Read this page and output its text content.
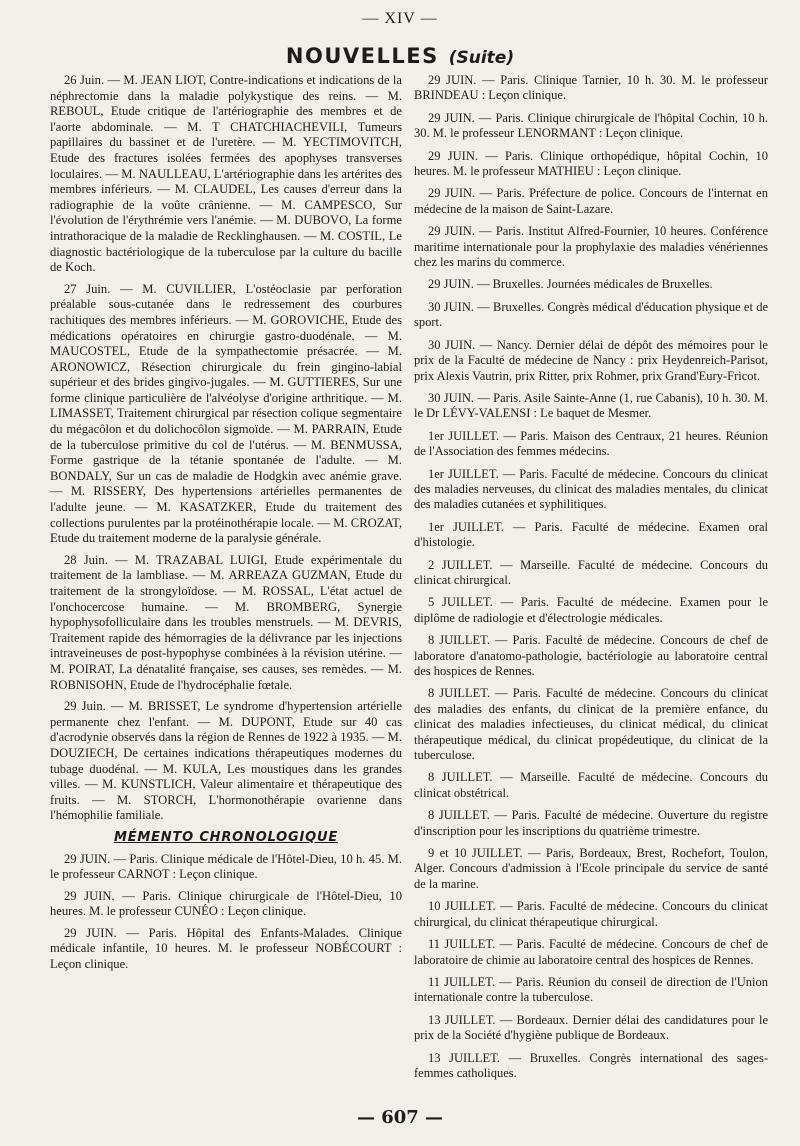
— XIV —
NOUVELLES (Suite)

26 Juin. — M. JEAN LIOT, Contre-indications et indications de la néphrectomie dans la maladie polykystique des reins. — M. REBOUL, Etude critique de l'artériographie des membres et de l'aorte abdominale. — M. T CHATCHIACHEVILI, Tumeurs papillaires du bassinet et de l'uretère. — M. YECTIMOVITCH, Etude des fractures isolées fermées des apophyses transverses loculaires. — M. NAULLEAU, L'artériographie dans les artérites des membres inférieurs. — M. CLAUDEL, Les causes d'erreur dans la radiographie de la voûte crânienne. — M. CAMPESCO, Sur l'évolution de l'érythrémie vers l'anémie. — M. DUBOVO, La forme intrathoracique de la maladie de Recklinghausen. — M. COSTIL, Le diagnostic bactériologique de la tuberculose par la culture du bacille de Koch.

27 Juin. — M. CUVILLIER, L'ostéoclasie par perforation préalable sous-cutanée dans le redressement des courbures rachitiques des membres inférieurs. — M. GOROVICHE, Etude des médications opératoires en chirurgie gastro-duodénale. — M. MAUCOSTEL, Etude de la sympathectomie présacrée. — M. ARONOWICZ, Résection chirurgicale du frein gingino-labial supérieur et des brides gingivo-jugales. — M. GUTTIERES, Sur une forme clinique particulière de l'alvéolyse d'origine arthritique. — M. LIMASSET, Traitement chirurgical par résection colique segmentaire du mégacôlon et du dolichocôlon sigmoïde. — M. PARRAIN, Etude de la tuberculose primitive du col de l'utérus. — M. BENMUSSA, Forme gastrique de la tétanie spontanée de l'adulte. — M. BONDALY, Sur un cas de maladie de Hodgkin avec anémie grave. — M. RISSERY, Des hypertensions artérielles permanentes de l'adulte jeune. — M. KASATZKER, Etude du traitement des collections purulentes par la protéinothérapie locale. — M. CROZAT, Etude du traitement moderne de la paralysie générale.

28 Juin. — M. TRAZABAL LUIGI, Etude expérimentale du traitement de la lambliase. — M. ARREAZA GUZMAN, Etude du traitement de la strongyloïdose. — M. ROSSAL, L'état actuel de l'onchocercose humaine. — M. BROMBERG, Synergie hypophysofolliculaire dans les troubles menstruels. — M. DEVRIS, Traitement rapide des hémorragies de la délivrance par les injections intraveineuses de post-hypophyse combinées à la révision utérine. — M. POIRAT, La dénatalité française, ses causes, ses remèdes. — M. ROBNISOHN, Etude de l'hydrocéphalie fœtale.

29 Juin. — M. BRISSET, Le syndrome d'hypertension artérielle permanente chez l'enfant. — M. DUPONT, Etude sur 40 cas d'acrodynie observés dans la région de Rennes de 1922 à 1935. — M. DOUZIECH, De certaines indications thérapeutiques modernes du tubage duodénal. — M. KULA, Les moustiques dans les grandes villes. — M. KUNSTLICH, Valeur alimentaire et thérapeutique des fruits. — M. STORCH, L'hormonothérapie ovarienne dans l'hémophilie familiale.

MÉMENTO CHRONOLOGIQUE

29 JUIN. — Paris. Clinique médicale de l'Hôtel-Dieu, 10 h. 45. M. le professeur CARNOT : Leçon clinique.

29 JUIN. — Paris. Clinique chirurgicale de l'Hôtel-Dieu, 10 heures. M. le professeur CUNÉO : Leçon clinique.

29 JUIN. — Paris. Hôpital des Enfants-Malades. Clinique médicale infantile, 10 heures. M. le professeur NOBÉCOURT : Leçon clinique.

29 JUIN. — Paris. Clinique Tarnier, 10 h. 30. M. le professeur BRINDEAU : Leçon clinique.

29 JUIN. — Paris. Clinique chirurgicale de l'hôpital Cochin, 10 h. 30. M. le professeur LENORMANT : Leçon clinique.

29 JUIN. — Paris. Clinique orthopédique, hôpital Cochin, 10 heures. M. le professeur MATHIEU : Leçon clinique.

29 JUIN. — Paris. Préfecture de police. Concours de l'internat en médecine de la maison de Saint-Lazare.

29 JUIN. — Paris. Institut Alfred-Fournier, 10 heures. Conférence maritime internationale pour la prophylaxie des maladies vénériennes chez les marins du commerce.

29 JUIN. — Bruxelles. Journées médicales de Bruxelles.

30 JUIN. — Bruxelles. Congrès médical d'éducation physique et de sport.

30 JUIN. — Nancy. Dernier délai de dépôt des mémoires pour le prix de la Faculté de médecine de Nancy : prix Heydenreich-Parisot, prix Alexis Vautrin, prix Ritter, prix Rohmer, prix Grand'Eury-Fricot.

30 JUIN. — Paris. Asile Sainte-Anne (1, rue Cabanis), 10 h. 30. M. le Dr LÉVY-VALENSI : Le baquet de Mesmer.

1er JUILLET. — Paris. Maison des Centraux, 21 heures. Réunion de l'Association des femmes médecins.

1er JUILLET. — Paris. Faculté de médecine. Concours du clinicat des maladies nerveuses, du clinicat des maladies mentales, du clinicat des maladies cutanées et syphilitiques.

1er JUILLET. — Paris. Faculté de médecine. Examen oral d'histologie.

2 JUILLET. — Marseille. Faculté de médecine. Concours du clinicat chirurgical.

5 JUILLET. — Paris. Faculté de médecine. Examen pour le diplôme de radiologie et d'électrologie médicales.

8 JUILLET. — Paris. Faculté de médecine. Concours de chef de laboratore d'anatomo-pathologie, bactériologie au laboratoire central des hospices de Rennes.

8 JUILLET. — Paris. Faculté de médecine. Concours du clinicat des maladies des enfants, du clinicat de la première enfance, du clinicat des maladies infectieuses, du clinicat médical, du clinicat thérapeutique médical, du clinicat propédeutique, du clinicat de la tuberculose.

8 JUILLET. — Marseille. Faculté de médecine. Concours du clinicat obstétrical.

8 JUILLET. — Paris. Faculté de médecine. Ouverture du registre d'inscription pour les inscriptions du quatrième trimestre.

9 et 10 JUILLET. — Paris, Bordeaux, Brest, Rochefort, Toulon, Alger. Concours d'admission à l'Ecole principale du service de santé de la marine.

10 JUILLET. — Paris. Faculté de médecine. Concours du clinicat chirurgical, du clinicat thérapeutique chirurgical.

11 JUILLET. — Paris. Faculté de médecine. Concours de chef de laboratoire de chimie au laboratoire central des hospices de Rennes.

11 JUILLET. — Paris. Réunion du conseil de direction de l'Union internationale contre la tuberculose.

13 JUILLET. — Bordeaux. Dernier délai des candidatures pour le prix de la Société d'hygiène publique de Bordeaux.

13 JUILLET. — Bruxelles. Congrès international des sages-femmes catholiques.

— 607 —
